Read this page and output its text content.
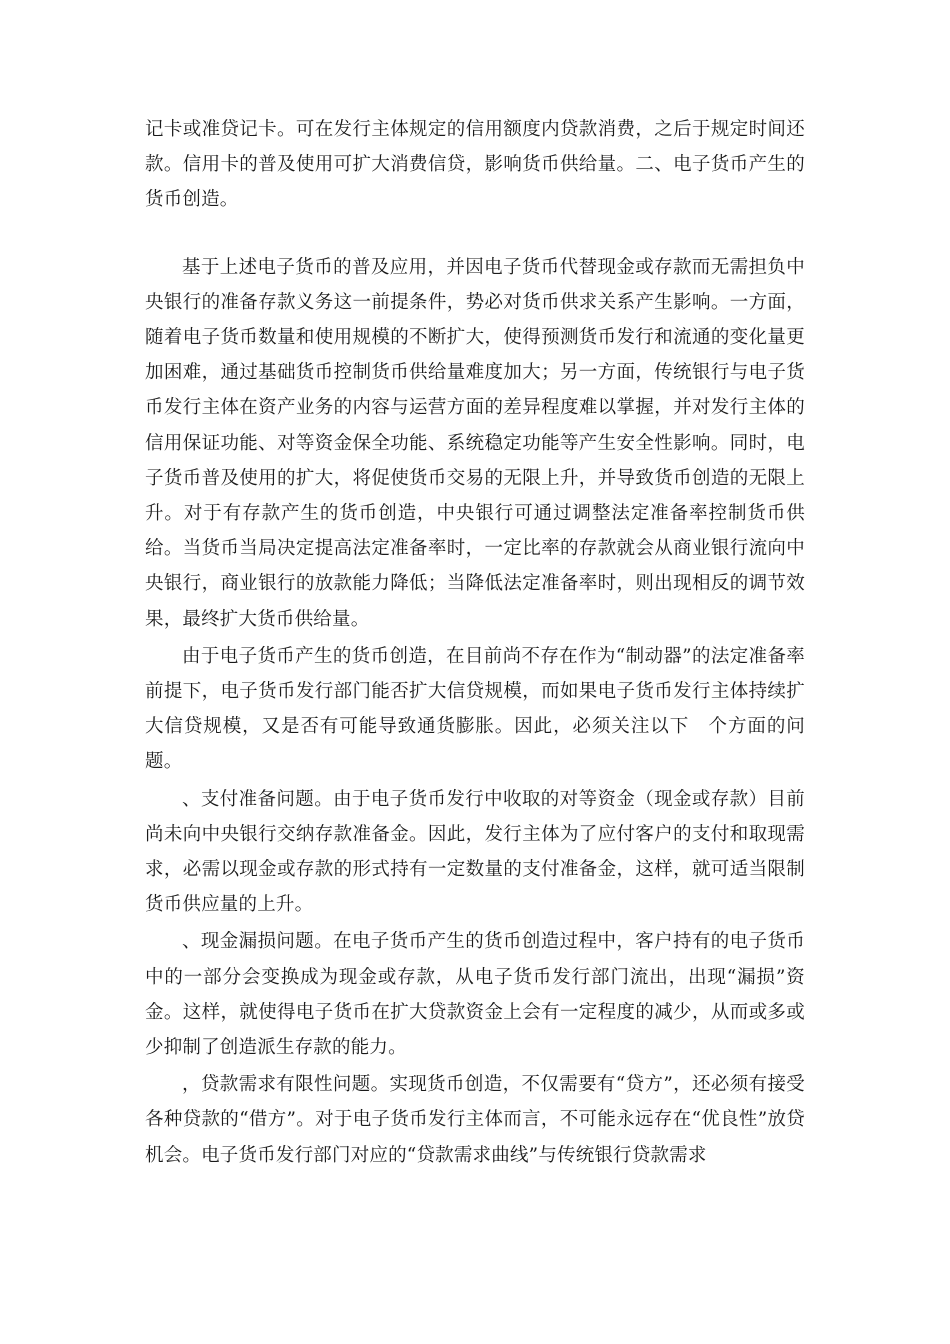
记卡或准贷记卡。可在发行主体规定的信用额度内贷款消费，之后于规定时间还款。信用卡的普及使用可扩大消费信贷，影响货币供给量。二、电子货币产生的货币创造。

基于上述电子货币的普及应用，并因电子货币代替现金或存款而无需担负中央银行的准备存款义务这一前提条件，势必对货币供求关系产生影响。一方面，随着电子货币数量和使用规模的不断扩大，使得预测货币发行和流通的变化量更加困难，通过基础货币控制货币供给量难度加大；另一方面，传统银行与电子货币发行主体在资产业务的内容与运营方面的差异程度难以掌握，并对发行主体的信用保证功能、对等资金保全功能、系统稳定功能等产生安全性影响。同时，电子货币普及使用的扩大，将促使货币交易的无限上升，并导致货币创造的无限上升。对于有存款产生的货币创造，中央银行可通过调整法定准备率控制货币供给。当货币当局决定提高法定准备率时，一定比率的存款就会从商业银行流向中央银行，商业银行的放款能力降低；当降低法定准备率时，则出现相反的调节效果，最终扩大货币供给量。

由于电子货币产生的货币创造，在目前尚不存在作为“制动器”的法定准备率前提下，电子货币发行部门能否扩大信贷规模，而如果电子货币发行主体持续扩大信贷规模，又是否有可能导致通货膨胀。因此，必须关注以下　个方面的问题。

、支付准备问题。由于电子货币发行中收取的对等资金（现金或存款）目前尚未向中央银行交纳存款准备金。因此，发行主体为了应付客户的支付和取现需求，必需以现金或存款的形式持有一定数量的支付准备金，这样，就可适当限制货币供应量的上升。

、现金漏损问题。在电子货币产生的货币创造过程中，客户持有的电子货币中的一部分会变换成为现金或存款，从电子货币发行部门流出，出现“漏损”资金。这样，就使得电子货币在扩大贷款资金上会有一定程度的减少，从而或多或少抑制了创造派生存款的能力。

，贷款需求有限性问题。实现货币创造，不仅需要有“贷方”，还必须有接受各种贷款的“借方”。对于电子货币发行主体而言，不可能永远存在“优良性”放贷机会。电子货币发行部门对应的“贷款需求曲线”与传统银行贷款需求
